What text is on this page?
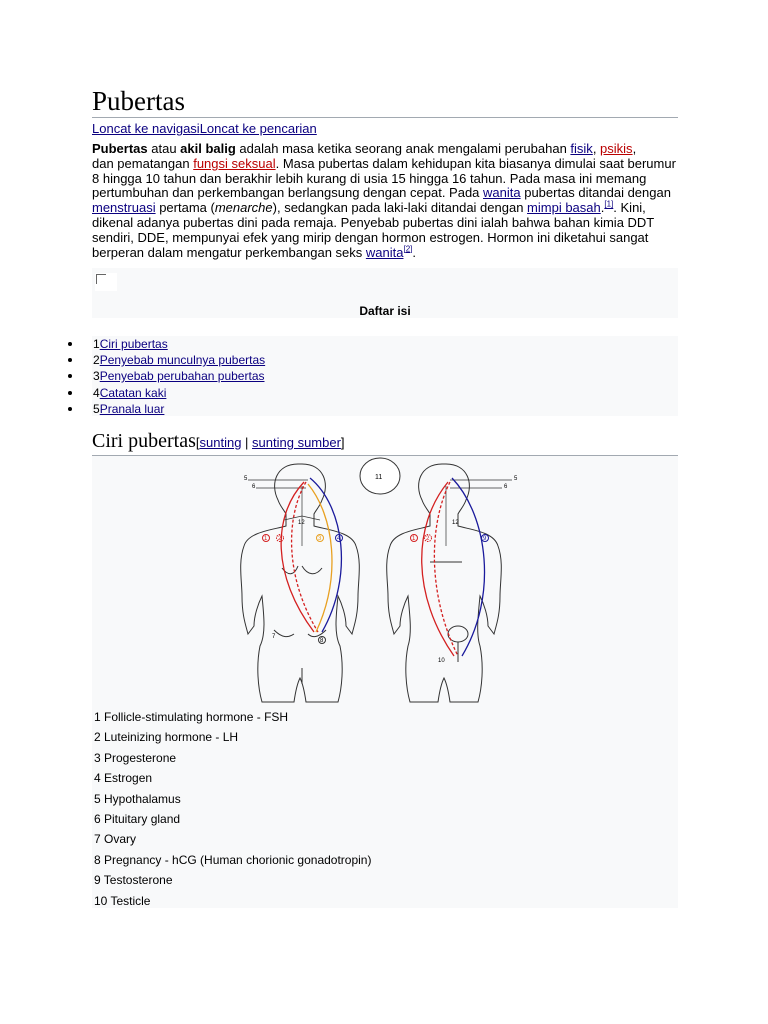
Pubertas
Loncat ke navigasiLoncat ke pencarian
Pubertas atau akil balig adalah masa ketika seorang anak mengalami perubahan fisik, psikis,
dan pematangan fungsi seksual. Masa pubertas dalam kehidupan kita biasanya dimulai saat berumur 8 hingga 10 tahun dan berakhir lebih kurang di usia 15 hingga 16 tahun. Pada masa ini memang pertumbuhan dan perkembangan berlangsung dengan cepat. Pada wanita pubertas ditandai dengan menstruasi pertama (menarche), sedangkan pada laki-laki ditandai dengan mimpi basah.[1]. Kini, dikenal adanya pubertas dini pada remaja. Penyebab pubertas dini ialah bahwa bahan kimia DDT sendiri, DDE, mempunyai efek yang mirip dengan hormon estrogen. Hormon ini diketahui sangat berperan dalam mengatur perkembangan seks wanita[2].
Daftar isi
1Ciri pubertas
2Penyebab munculnya pubertas
3Penyebab perubahan pubertas
4Catatan kaki
5Pranala luar
Ciri pubertas[sunting | sunting sumber]
11
5
6
5
6
12	12
1 2	3	4	1 2	9
8
7
10
1 Follicle-stimulating hormone - FSH
2 Luteinizing hormone - LH
3 Progesterone
4 Estrogen
5 Hypothalamus
6 Pituitary gland
7 Ovary
8 Pregnancy - hCG (Human chorionic gonadotropin)
9 Testosterone
10 Testicle
